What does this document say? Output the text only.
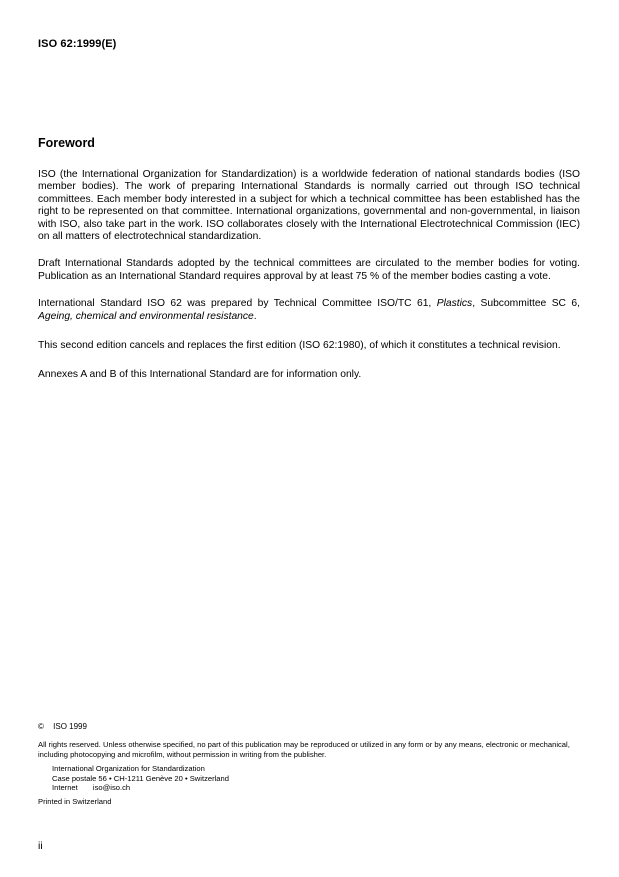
ISO 62:1999(E)
Foreword

ISO (the International Organization for Standardization) is a worldwide federation of national standards bodies (ISO member bodies). The work of preparing International Standards is normally carried out through ISO technical committees. Each member body interested in a subject for which a technical committee has been established has the right to be represented on that committee. International organizations, governmental and non-governmental, in liaison with ISO, also take part in the work. ISO collaborates closely with the International Electrotechnical Commission (IEC) on all matters of electrotechnical standardization.

Draft International Standards adopted by the technical committees are circulated to the member bodies for voting. Publication as an International Standard requires approval by at least 75 % of the member bodies casting a vote.

International Standard ISO 62 was prepared by Technical Committee ISO/TC 61, Plastics, Subcommittee SC 6, Ageing, chemical and environmental resistance.

This second edition cancels and replaces the first edition (ISO 62:1980), of which it constitutes a technical revision.

Annexes A and B of this International Standard are for information only.

© ISO 1999

All rights reserved. Unless otherwise specified, no part of this publication may be reproduced or utilized in any form or by any means, electronic or mechanical, including photocopying and microfilm, without permission in writing from the publisher.

International Organization for Standardization
Case postale 56 • CH-1211 Genève 20 • Switzerland
Internet iso@iso.ch
Printed in Switzerland
ii
